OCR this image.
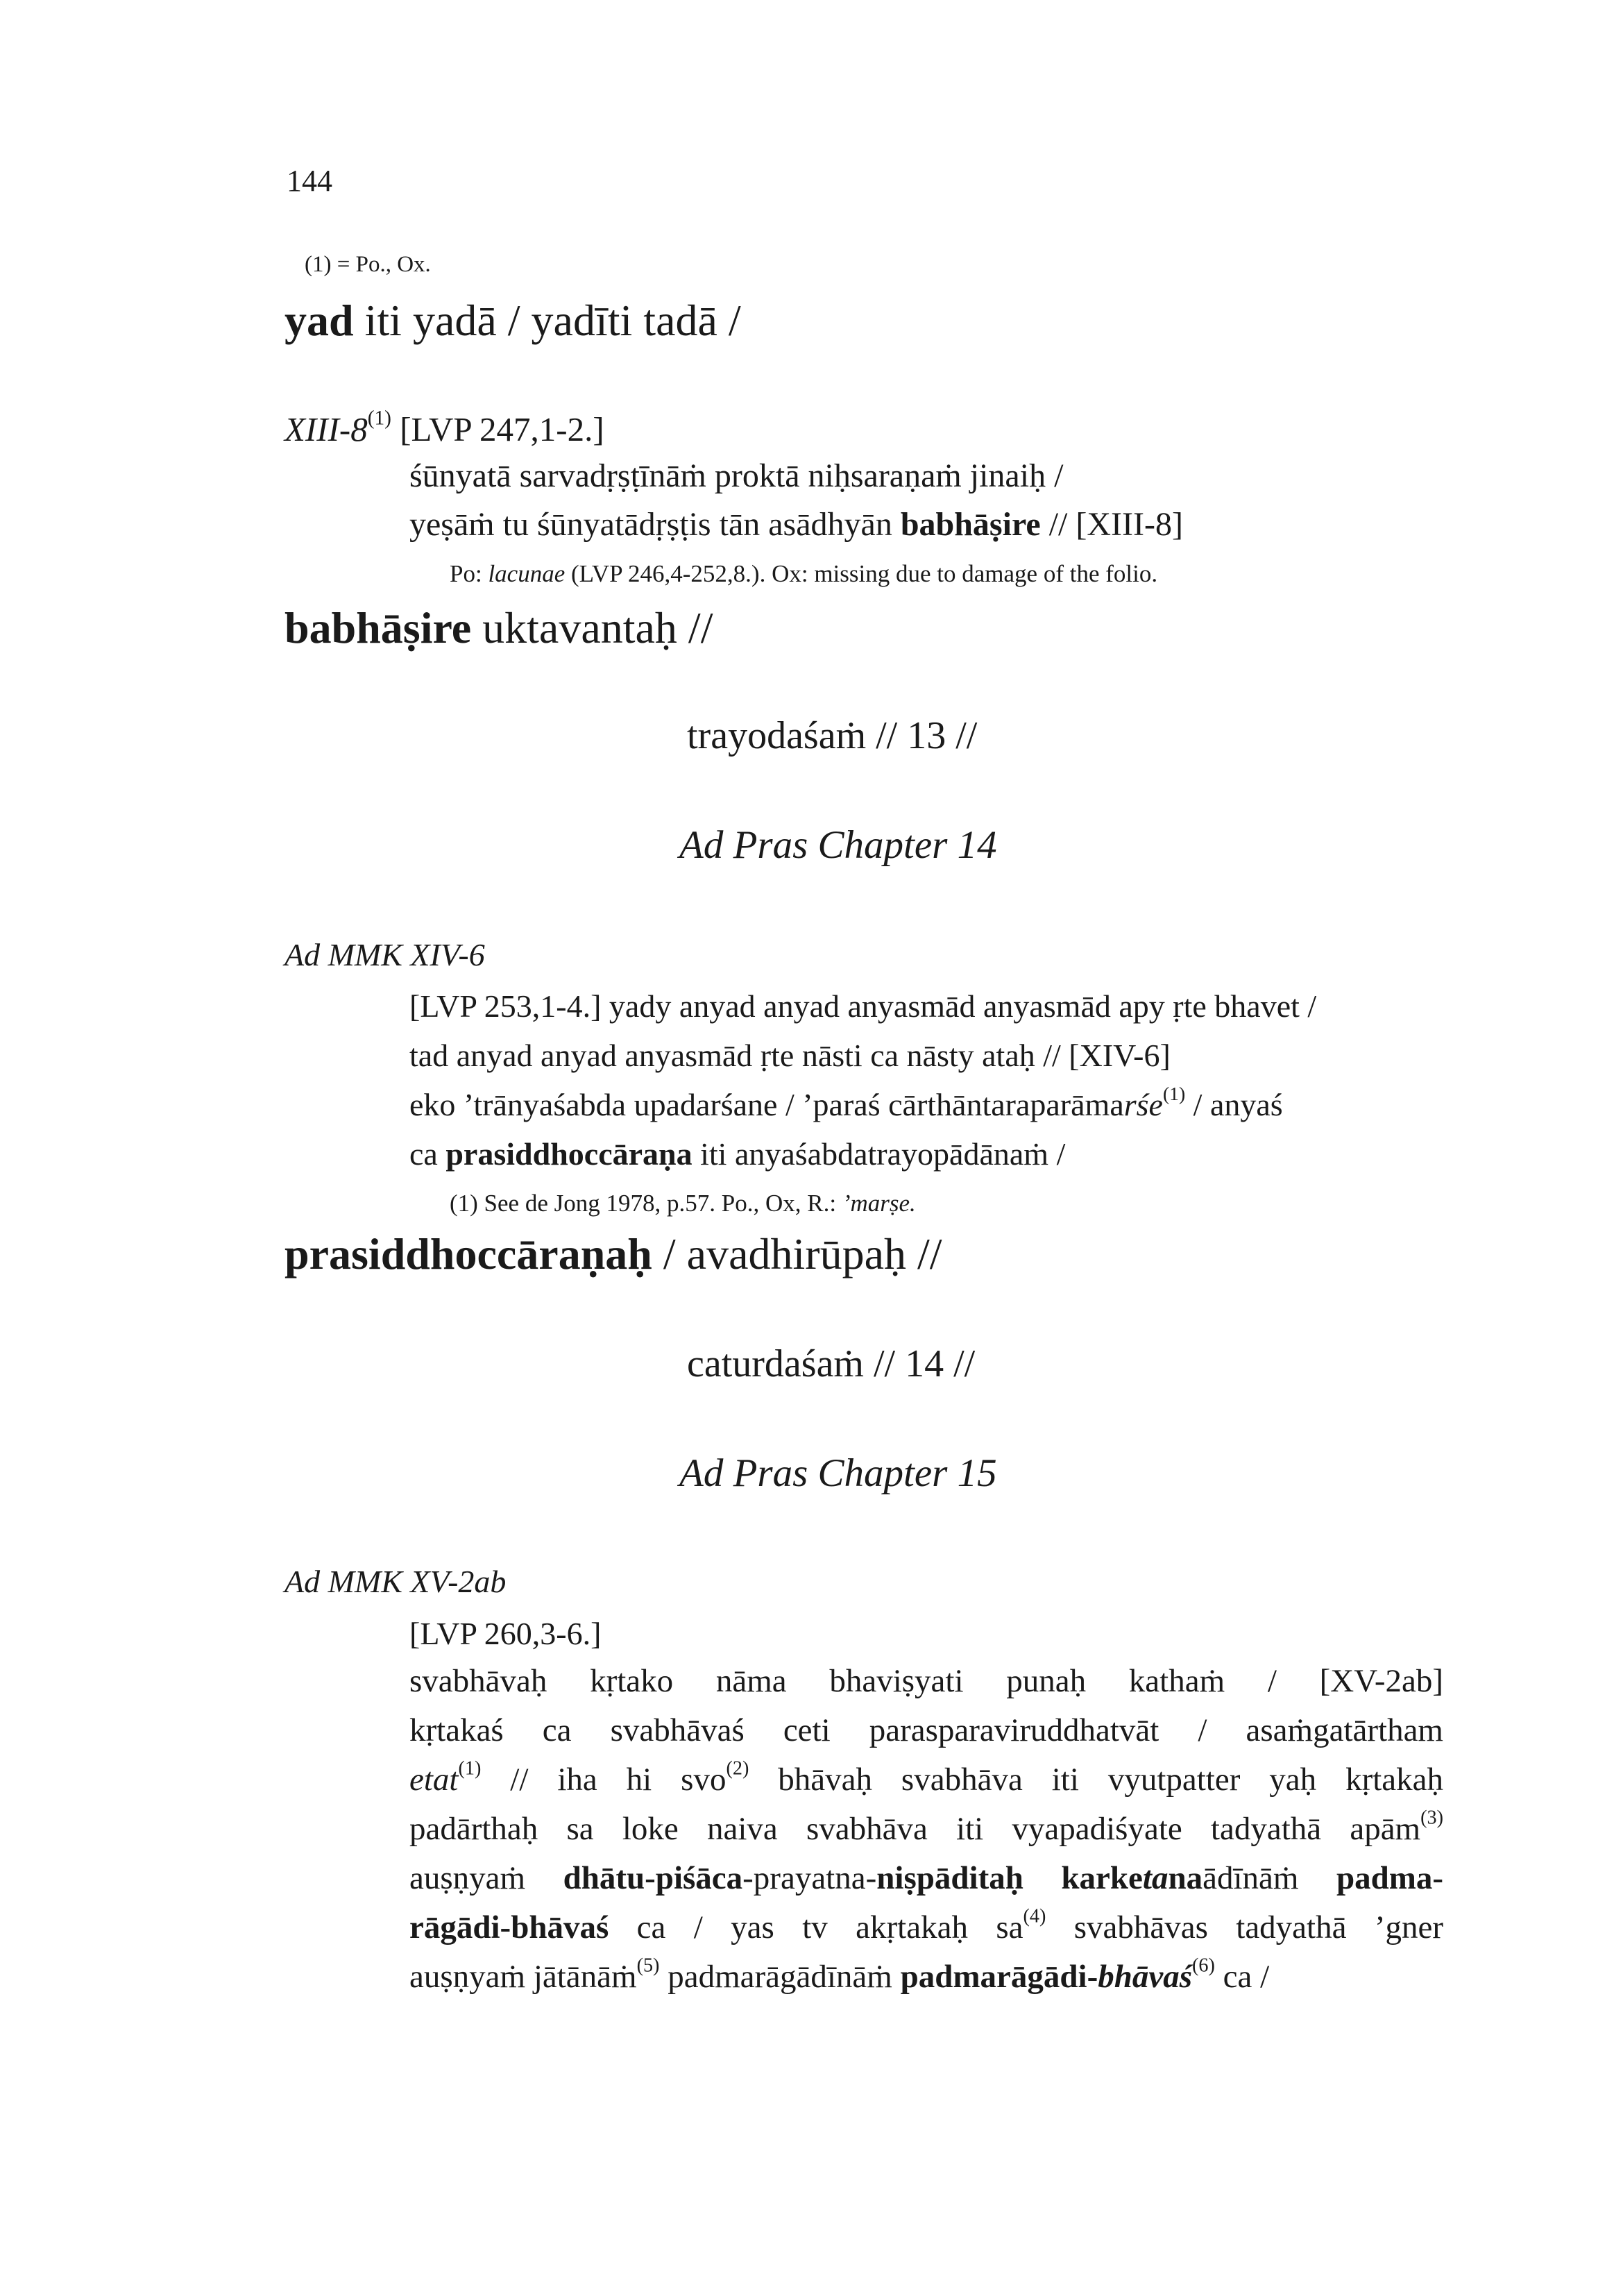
144
(1) = Po., Ox.
yad iti yadā / yadīti tadā /
XIII-8$^{(1)}$ [LVP 247,1-2.]
śūnyatā sarvadṛṣṭīnāṁ proktā niḥsaraṇaṁ jinaiḥ /
yeṣāṁ tu śūnyatādṛṣṭis tān asādhyān babhāṣire // [XIII-8]
Po: lacunae (LVP 246,4-252,8.). Ox: missing due to damage of the folio.
babhāṣire uktavantaḥ //
trayodaśaṁ // 13 //
Ad Pras Chapter 14
Ad MMK XIV-6
[LVP 253,1-4.] yady anyad anyad anyasmād anyasmād apy ṛte bhavet /
tad anyad anyad anyasmād ṛte nāsti ca nāsty ataḥ // [XIV-6]
eko ’trānyaśabda upadarśane / ’paraś cārthāntaraparāmarśe$^{(1)}$ / anyaś
ca prasiddhoccāraṇa iti anyaśabdatrayopādānaṁ /
(1) See de Jong 1978, p.57. Po., Ox, R.: ’marṣe.
prasiddhoccāraṇaḥ / avadhirūpaḥ //
caturdaśaṁ // 14 //
Ad Pras Chapter 15
Ad MMK XV-2ab
[LVP 260,3-6.]

svabhāvaḥ kṛtako nāma bhaviṣyati punaḥ kathaṁ / [XV-2ab]

kṛtakaś ca svabhāvaś ceti parasparaviruddhatvāt / asaṁgatārtham

etat$^{(1)}$ // iha hi svo$^{(2)}$ bhāvaḥ svabhāva iti vyutpatter yaḥ kṛtakaḥ

padārthaḥ sa loke naiva svabhāva iti vyapadiśyate tadyathā apām$^{(3)}$

auṣṇyaṁ dhātu-piśāca-prayatna-niṣpāditaḥ karketanaādīnāṁ padma-

rāgādi-bhāvaś ca / yas tv akṛtakaḥ $sa^{(4)}$ svabhāvas tadyathā ’gner

auṣṇyaṁ jātānāṁ$^{(5)}$ padmarāgādīnāṁ padmarāgādi-bhāvaś$^{(6)}$ ca /
